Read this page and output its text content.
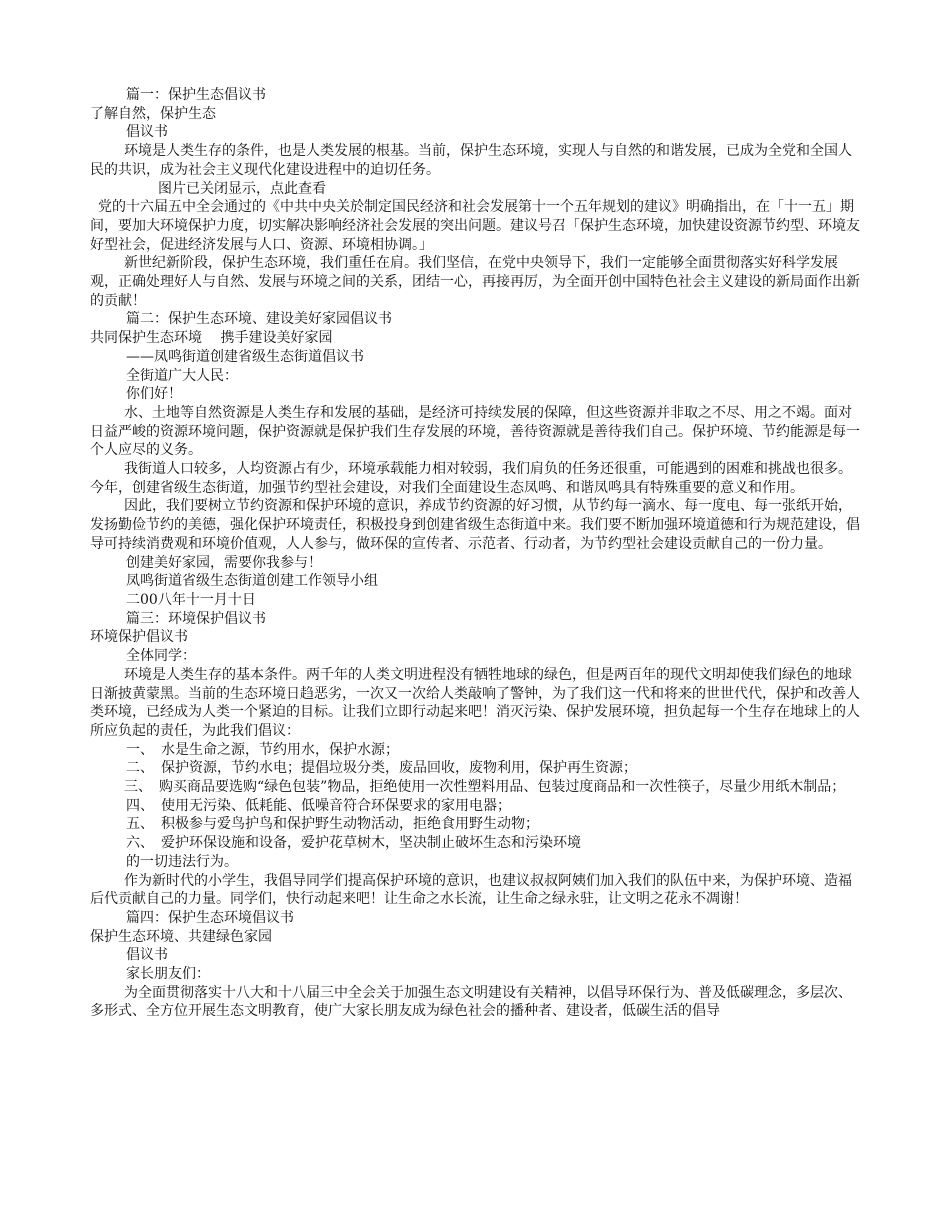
篇一：保护生态倡议书

了解自然，保护生态

倡议书

环境是人类生存的条件，也是人类发展的根基。当前，保护生态环境，实现人与自然的和谐发展，已成为全党和全国人民的共识，成为社会主义现代化建设进程中的迫切任务。

图片已关闭显示，点此查看

党的十六届五中全会通过的《中共中央关於制定国民经济和社会发展第十一个五年规划的建议》明确指出，在「十一五」期间，要加大环境保护力度，切实解决影响经济社会发展的突出问题。建议号召「保护生态环境，加快建设资源节约型、环境友好型社会，促进经济发展与人口、资源、环境相协调。」

新世纪新阶段，保护生态环境，我们重任在肩。我们坚信，在党中央领导下，我们一定能够全面贯彻落实好科学发展观，正确处理好人与自然、发展与环境之间的关系，团结一心，再接再厉，为全面开创中国特色社会主义建设的新局面作出新的贡献！

篇二：保护生态环境、建设美好家园倡议书

共同保护生态环境　 携手建设美好家园

——凤鸣街道创建省级生态街道倡议书

全街道广大人民：

你们好！

水、土地等自然资源是人类生存和发展的基础，是经济可持续发展的保障，但这些资源并非取之不尽、用之不竭。面对日益严峻的资源环境问题，保护资源就是保护我们生存发展的环境，善待资源就是善待我们自己。保护环境、节约能源是每一个人应尽的义务。

我街道人口较多，人均资源占有少，环境承载能力相对较弱，我们肩负的任务还很重，可能遇到的困难和挑战也很多。今年，创建省级生态街道，加强节约型社会建设，对我们全面建设生态凤鸣、和谐凤鸣具有特殊重要的意义和作用。

因此，我们要树立节约资源和保护环境的意识，养成节约资源的好习惯，从节约每一滴水、每一度电、每一张纸开始，发扬勤俭节约的美德，强化保护环境责任，积极投身到创建省级生态街道中来。我们要不断加强环境道德和行为规范建设，倡导可持续消费观和环境价值观，人人参与，做环保的宣传者、示范者、行动者，为节约型社会建设贡献自己的一份力量。

创建美好家园，需要你我参与！

凤鸣街道省级生态街道创建工作领导小组

二00八年十一月十日

篇三：环境保护倡议书

环境保护倡议书

全体同学：

环境是人类生存的基本条件。两千年的人类文明进程没有牺牲地球的绿色，但是两百年的现代文明却使我们绿色的地球日渐披黄蒙黑。当前的生态环境日趋恶劣，一次又一次给人类敲响了警钟，为了我们这一代和将来的世世代代，保护和改善人类环境，已经成为人类一个紧迫的目标。让我们立即行动起来吧！消灭污染、保护发展环境，担负起每一个生存在地球上的人所应负起的责任，为此我们倡议：

一、　水是生命之源，节约用水，保护水源；

二、　保护资源，节约水电；提倡垃圾分类，废品回收，废物利用，保护再生资源；

三、　购买商品要选购“绿色包装”物品，拒绝使用一次性塑料用品、包装过度商品和一次性筷子，尽量少用纸木制品；

四、　使用无污染、低耗能、低噪音符合环保要求的家用电器；

五、　积极参与爱鸟护鸟和保护野生动物活动，拒绝食用野生动物；

六、　爱护环保设施和设备，爱护花草树木，坚决制止破坏生态和污染环境

的一切违法行为。

作为新时代的小学生，我倡导同学们提高保护环境的意识，也建议叔叔阿姨们加入我们的队伍中来，为保护环境、造福后代贡献自己的力量。同学们，快行动起来吧！让生命之水长流，让生命之绿永驻，让文明之花永不凋谢！

篇四：保护生态环境倡议书

保护生态环境、共建绿色家园

倡议书

家长朋友们：

为全面贯彻落实十八大和十八届三中全会关于加强生态文明建设有关精神，以倡导环保行为、普及低碳理念，多层次、多形式、全方位开展生态文明教育，使广大家长朋友成为绿色社会的播种者、建设者，低碳生活的倡导
